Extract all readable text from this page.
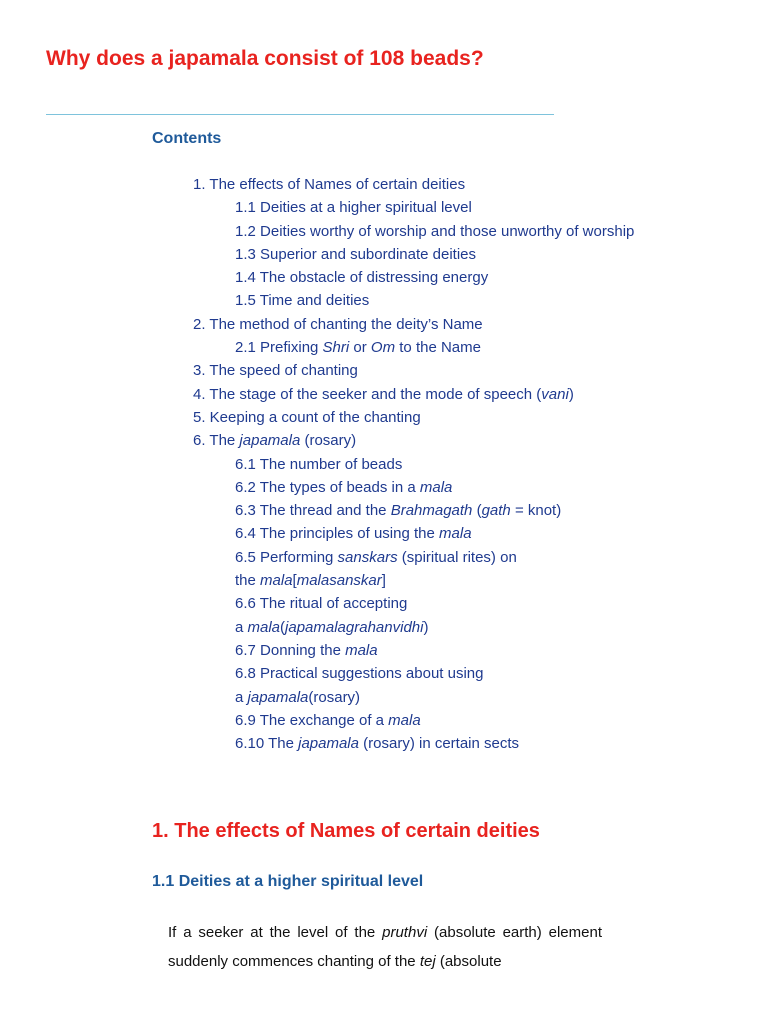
Why does a japamala consist of 108 beads?
Contents
1. The effects of Names of certain deities
1.1 Deities at a higher spiritual level
1.2 Deities worthy of worship and those unworthy of worship
1.3 Superior and subordinate deities
1.4 The obstacle of distressing energy
1.5 Time and deities
2. The method of chanting the deity’s Name
2.1 Prefixing Shri or Om to the Name
3. The speed of chanting
4. The stage of the seeker and the mode of speech (vani)
5. Keeping a count of the chanting
6. The japamala (rosary)
6.1 The number of beads
6.2 The types of beads in a mala
6.3 The thread and the Brahmagath (gath = knot)
6.4 The principles of using the mala
6.5 Performing sanskars (spiritual rites) on
the mala[malasanskar]
6.6 The ritual of accepting
a mala(japamalagrahanvidhi)
6.7 Donning the mala
6.8 Practical suggestions about using
a japamala(rosary)
6.9 The exchange of a mala
6.10 The japamala (rosary) in certain sects
1. The effects of Names of certain deities
1.1 Deities at a higher spiritual level

If a seeker at the level of the pruthvi (absolute earth) element suddenly commences chanting of the tej (absolute
